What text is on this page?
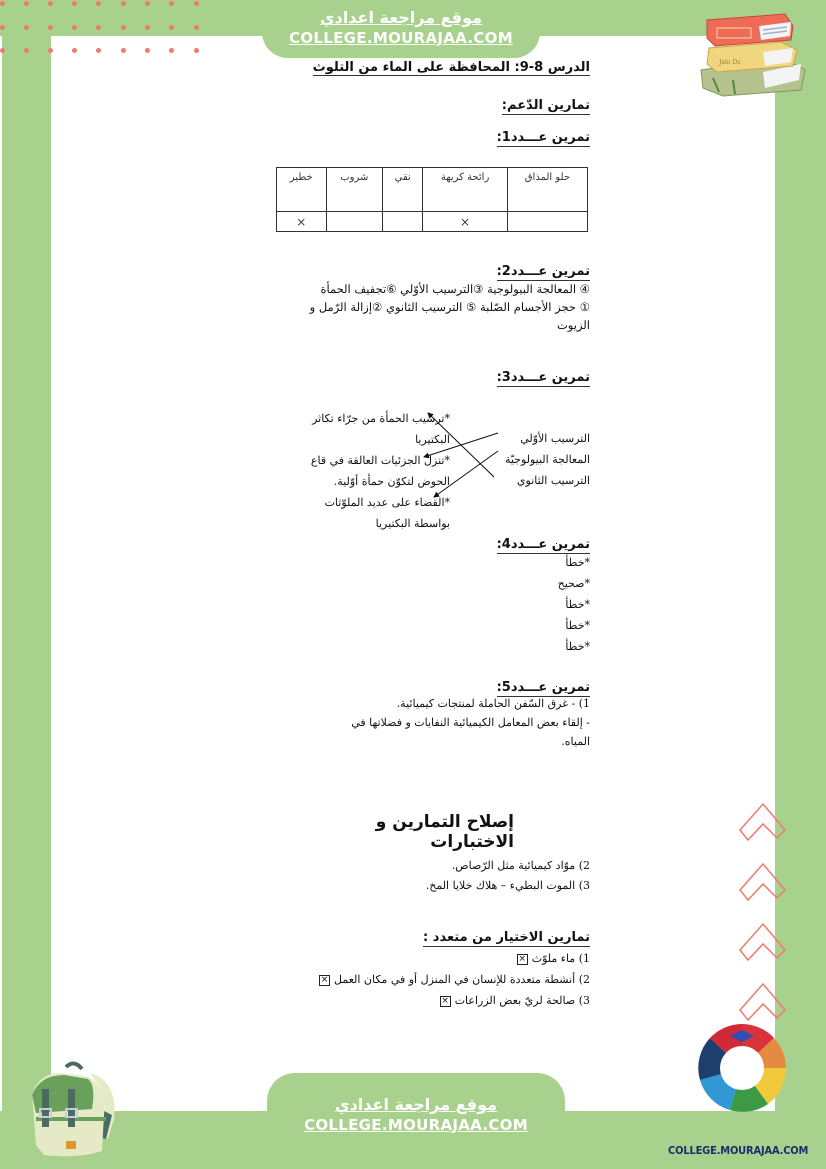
موقع مراجعة اعدادي
COLLEGE.MOURAJAA.COM
Jalo Dz
الدرس 8-9: المحافظة على الماء من التلوث
تمارين الدّعم:
تمرين عـــدد1:
حلو المذاق	رائحة كريهة	نقي	شروب	خطير
	×			×
تمرين عـــدد2:
④ المعالجة البيولوجية ③الترسيب الأوّلي ⑥تجفيف الحمأة
① حجز الأجسام الصّلبة ⑤ الترسيب الثانوي ②إزالة الرّمل و
الزيوت
تمرين عـــدد3:
*ترسيب الحمأة من جرّاء تكاثر
البكتيريا
*تنزل الجزئيات العالقة في قاع
الحوض لتكوّن حمأة أوّلية.
*القضاء على عديد الملوّثات
بواسطة البكتيريا
الترسيب الأوّلي
المعالجة البيولوجيّة
الترسيب الثانوي
تمرين عـــدد4:
*خطأ
*صحيح
*خطأ
*خطأ
*خطأ
تمرين عـــدد5:
1) - غرق السّفن الحاملة لمنتجات كيميائية.
- إلقاء بعض المعامل الكيميائية النفايات و فضلاتها في
المياه.
إصلاح التمارين و الاختبارات
2) موّاد كيميائية مثل الرّصاص.
3) الموت البطيء – هلاك خلايا المخ.
تمارين الاختيار من متعدد :
1) ماء ملوّث×
2) أنشطة متعددة للإنسان في المنزل أو في مكان العمل×
3) صالحة لريّ بعض الزراعات×
موقع مراجعة اعدادي
COLLEGE.MOURAJAA.COM
COLLEGE.MOURAJAA.COM
